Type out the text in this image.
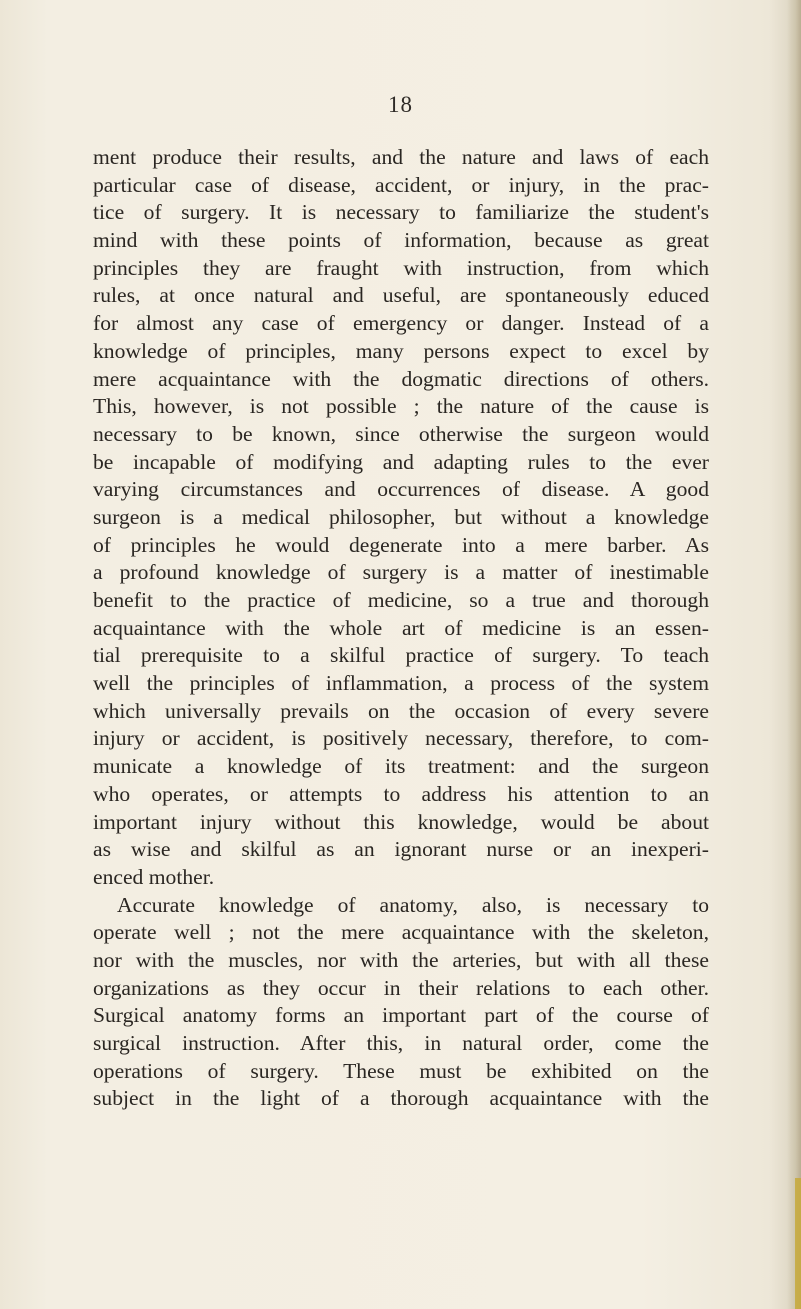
18
ment produce their results, and the nature and laws of each
particular case of disease, accident, or injury, in the prac-
tice of surgery. It is necessary to familiarize the student's
mind with these points of information, because as great
principles they are fraught with instruction, from which
rules, at once natural and useful, are spontaneously educed
for almost any case of emergency or danger. Instead of a
knowledge of principles, many persons expect to excel by
mere acquaintance with the dogmatic directions of others.
This, however, is not possible ; the nature of the cause is
necessary to be known, since otherwise the surgeon would
be incapable of modifying and adapting rules to the ever
varying circumstances and occurrences of disease. A good
surgeon is a medical philosopher, but without a knowledge
of principles he would degenerate into a mere barber. As
a profound knowledge of surgery is a matter of inestimable
benefit to the practice of medicine, so a true and thorough
acquaintance with the whole art of medicine is an essen-
tial prerequisite to a skilful practice of surgery. To teach
well the principles of inflammation, a process of the system
which universally prevails on the occasion of every severe
injury or accident, is positively necessary, therefore, to com-
municate a knowledge of its treatment: and the surgeon
who operates, or attempts to address his attention to an
important injury without this knowledge, would be about
as wise and skilful as an ignorant nurse or an inexperi-
enced mother.
Accurate knowledge of anatomy, also, is necessary to
operate well ; not the mere acquaintance with the skeleton,
nor with the muscles, nor with the arteries, but with all these
organizations as they occur in their relations to each other.
Surgical anatomy forms an important part of the course of
surgical instruction. After this, in natural order, come the
operations of surgery. These must be exhibited on the
subject in the light of a thorough acquaintance with the
